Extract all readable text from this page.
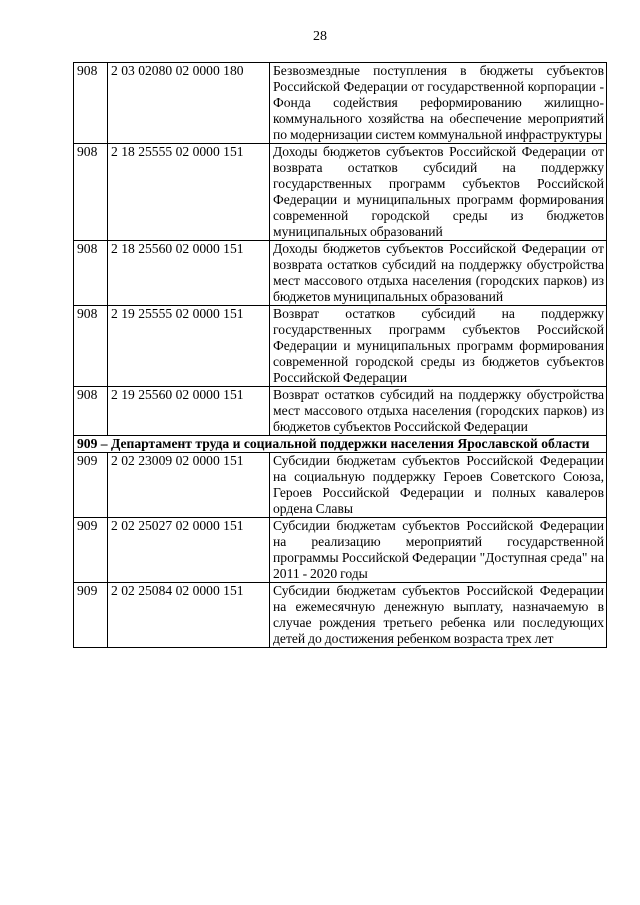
28
908	2 03 02080 02 0000 180	Безвозмездные поступления в бюджеты субъектов Российской Федерации от государственной корпорации - Фонда содействия реформированию жилищно-коммунального хозяйства на обеспечение мероприятий по модернизации систем коммунальной инфраструктуры
908	2 18 25555 02 0000 151	Доходы бюджетов субъектов Российской Федерации от возврата остатков субсидий на поддержку государственных программ субъектов Российской Федерации и муниципальных программ формирования современной городской среды из бюджетов муниципальных образований
908	2 18 25560 02 0000 151	Доходы бюджетов субъектов Российской Федерации от возврата остатков субсидий на поддержку обустройства мест массового отдыха населения (городских парков) из бюджетов муниципальных образований
908	2 19 25555 02 0000 151	Возврат остатков субсидий на поддержку государственных программ субъектов Российской Федерации и муниципальных программ формирования современной городской среды из бюджетов субъектов Российской Федерации
908	2 19 25560 02 0000 151	Возврат остатков субсидий на поддержку обустройства мест массового отдыха населения (городских парков) из бюджетов субъектов Российской Федерации
909 – Департамент труда и социальной поддержки населения Ярославской области		
909	2 02 23009 02 0000 151	Субсидии бюджетам субъектов Российской Федерации на социальную поддержку Героев Советского Союза, Героев Российской Федерации и полных кавалеров ордена Славы
909	2 02 25027 02 0000 151	Субсидии бюджетам субъектов Российской Федерации на реализацию мероприятий государственной программы Российской Федерации "Доступная среда" на 2011 - 2020 годы
909	2 02 25084 02 0000 151	Субсидии бюджетам субъектов Российской Федерации на ежемесячную денежную выплату, назначаемую в случае рождения третьего ребенка или последующих детей до достижения ребенком возраста трех лет
